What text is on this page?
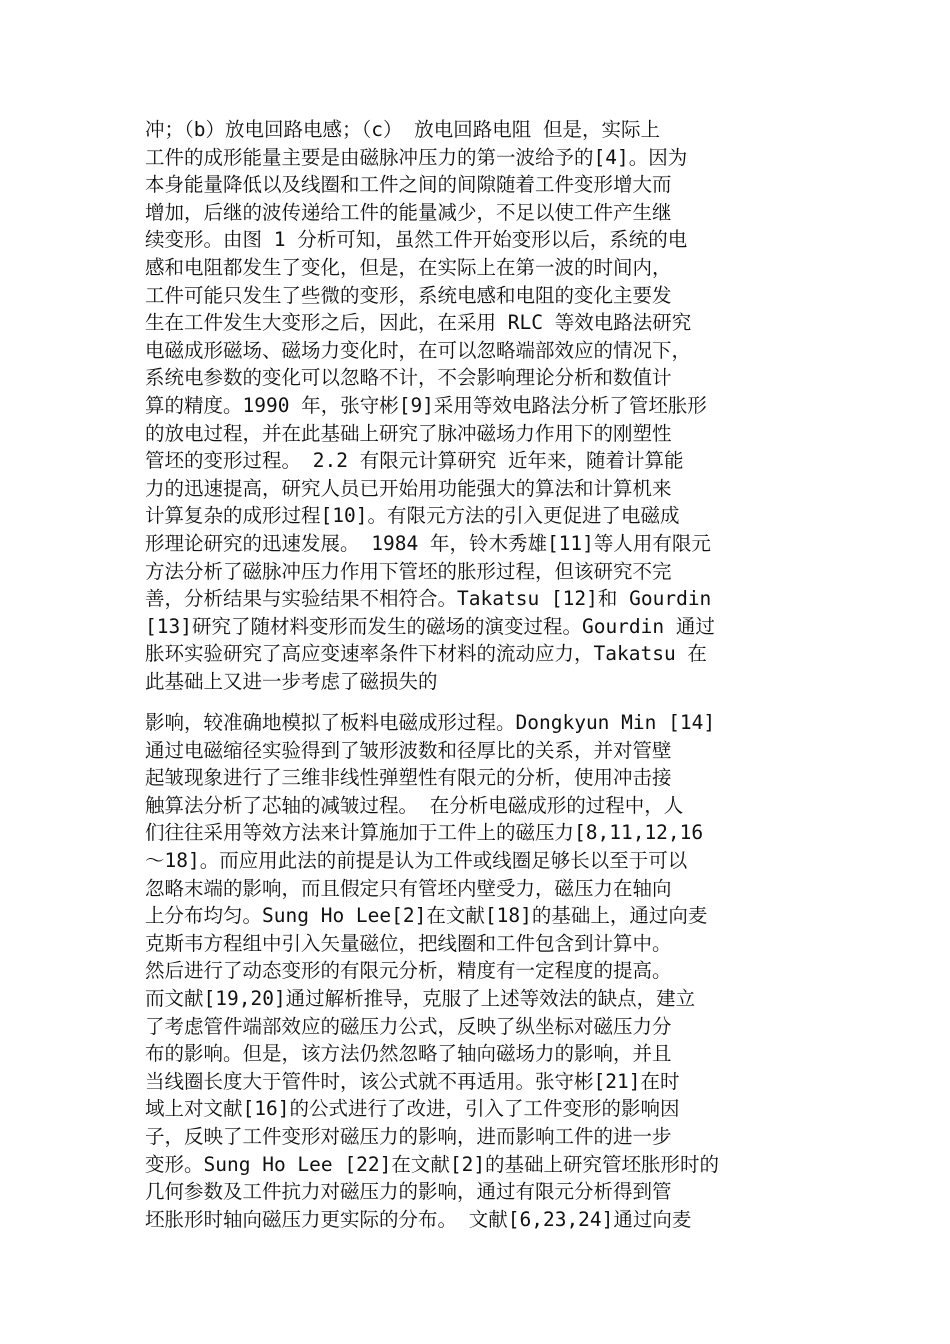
冲；（b）放电回路电感；（c） 放电回路电阻 但是，实际上
工件的成形能量主要是由磁脉冲压力的第一波给予的[4]。因为
本身能量降低以及线圈和工件之间的间隙随着工件变形增大而
增加，后继的波传递给工件的能量减少，不足以使工件产生继
续变形。由图 1 分析可知，虽然工件开始变形以后，系统的电
感和电阻都发生了变化，但是，在实际上在第一波的时间内，
工件可能只发生了些微的变形，系统电感和电阻的变化主要发
生在工件发生大变形之后，因此，在采用 RLC 等效电路法研究
电磁成形磁场、磁场力变化时，在可以忽略端部效应的情况下，
系统电参数的变化可以忽略不计，不会影响理论分析和数值计
算的精度。1990 年，张守彬[9]采用等效电路法分析了管坯胀形
的放电过程，并在此基础上研究了脉冲磁场力作用下的刚塑性
管坯的变形过程。 2.2 有限元计算研究 近年来，随着计算能
力的迅速提高，研究人员已开始用功能强大的算法和计算机来
计算复杂的成形过程[10]。有限元方法的引入更促进了电磁成
形理论研究的迅速发展。 1984 年，铃木秀雄[11]等人用有限元
方法分析了磁脉冲压力作用下管坯的胀形过程，但该研究不完
善，分析结果与实验结果不相符合。Takatsu [12]和 Gourdin
[13]研究了随材料变形而发生的磁场的演变过程。Gourdin 通过
胀环实验研究了高应变速率条件下材料的流动应力，Takatsu 在
此基础上又进一步考虑了磁损失的

影响，较准确地模拟了板料电磁成形过程。Dongkyun Min [14]
通过电磁缩径实验得到了皱形波数和径厚比的关系，并对管壁
起皱现象进行了三维非线性弹塑性有限元的分析，使用冲击接
触算法分析了芯轴的减皱过程。 在分析电磁成形的过程中，人
们往往采用等效方法来计算施加于工件上的磁压力[8,11,12,16
～18]。而应用此法的前提是认为工件或线圈足够长以至于可以
忽略末端的影响，而且假定只有管坯内壁受力，磁压力在轴向
上分布均匀。Sung Ho Lee[2]在文献[18]的基础上，通过向麦
克斯韦方程组中引入矢量磁位，把线圈和工件包含到计算中。
然后进行了动态变形的有限元分析，精度有一定程度的提高。
而文献[19,20]通过解析推导，克服了上述等效法的缺点，建立
了考虑管件端部效应的磁压力公式，反映了纵坐标对磁压力分
布的影响。但是，该方法仍然忽略了轴向磁场力的影响，并且
当线圈长度大于管件时，该公式就不再适用。张守彬[21]在时
域上对文献[16]的公式进行了改进，引入了工件变形的影响因
子，反映了工件变形对磁压力的影响，进而影响工件的进一步
变形。Sung Ho Lee [22]在文献[2]的基础上研究管坯胀形时的
几何参数及工件抗力对磁压力的影响，通过有限元分析得到管
坯胀形时轴向磁压力更实际的分布。 文献[6,23,24]通过向麦
